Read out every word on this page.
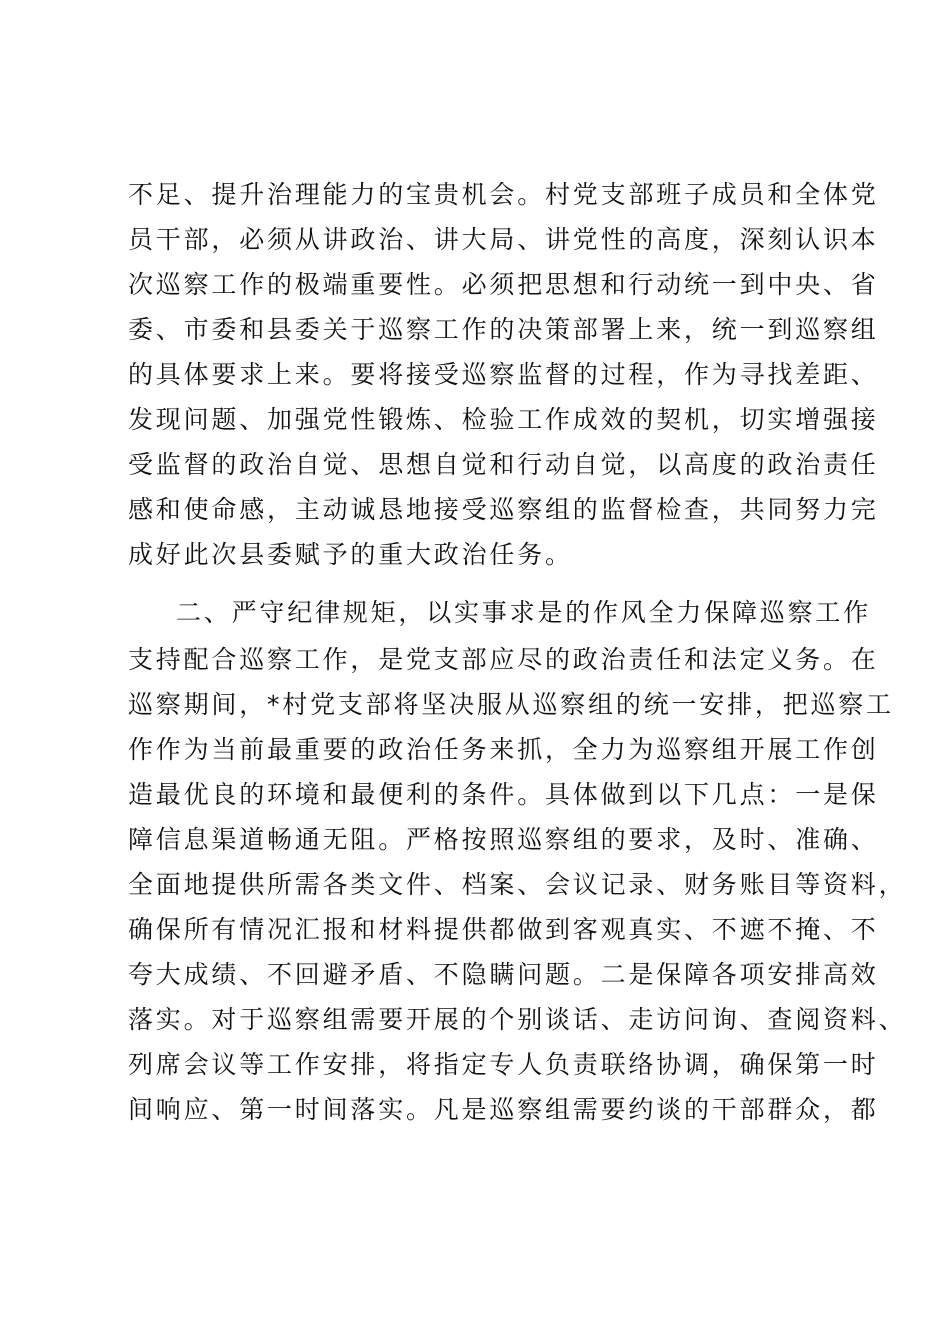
不足、提升治理能力的宝贵机会。村党支部班子成员和全体党
员干部，必须从讲政治、讲大局、讲党性的高度，深刻认识本
次巡察工作的极端重要性。必须把思想和行动统一到中央、省
委、市委和县委关于巡察工作的决策部署上来，统一到巡察组
的具体要求上来。要将接受巡察监督的过程，作为寻找差距、
发现问题、加强党性锻炼、检验工作成效的契机，切实增强接
受监督的政治自觉、思想自觉和行动自觉，以高度的政治责任
感和使命感，主动诚恳地接受巡察组的监督检查，共同努力完
成好此次县委赋予的重大政治任务。
二、严守纪律规矩，以实事求是的作风全力保障巡察工作
支持配合巡察工作，是党支部应尽的政治责任和法定义务。在
巡察期间，*村党支部将坚决服从巡察组的统一安排，把巡察工
作作为当前最重要的政治任务来抓，全力为巡察组开展工作创
造最优良的环境和最便利的条件。具体做到以下几点：一是保
障信息渠道畅通无阻。严格按照巡察组的要求，及时、准确、
全面地提供所需各类文件、档案、会议记录、财务账目等资料，
确保所有情况汇报和材料提供都做到客观真实、不遮不掩、不
夸大成绩、不回避矛盾、不隐瞒问题。二是保障各项安排高效
落实。对于巡察组需要开展的个别谈话、走访问询、查阅资料、
列席会议等工作安排，将指定专人负责联络协调，确保第一时
间响应、第一时间落实。凡是巡察组需要约谈的干部群众，都
